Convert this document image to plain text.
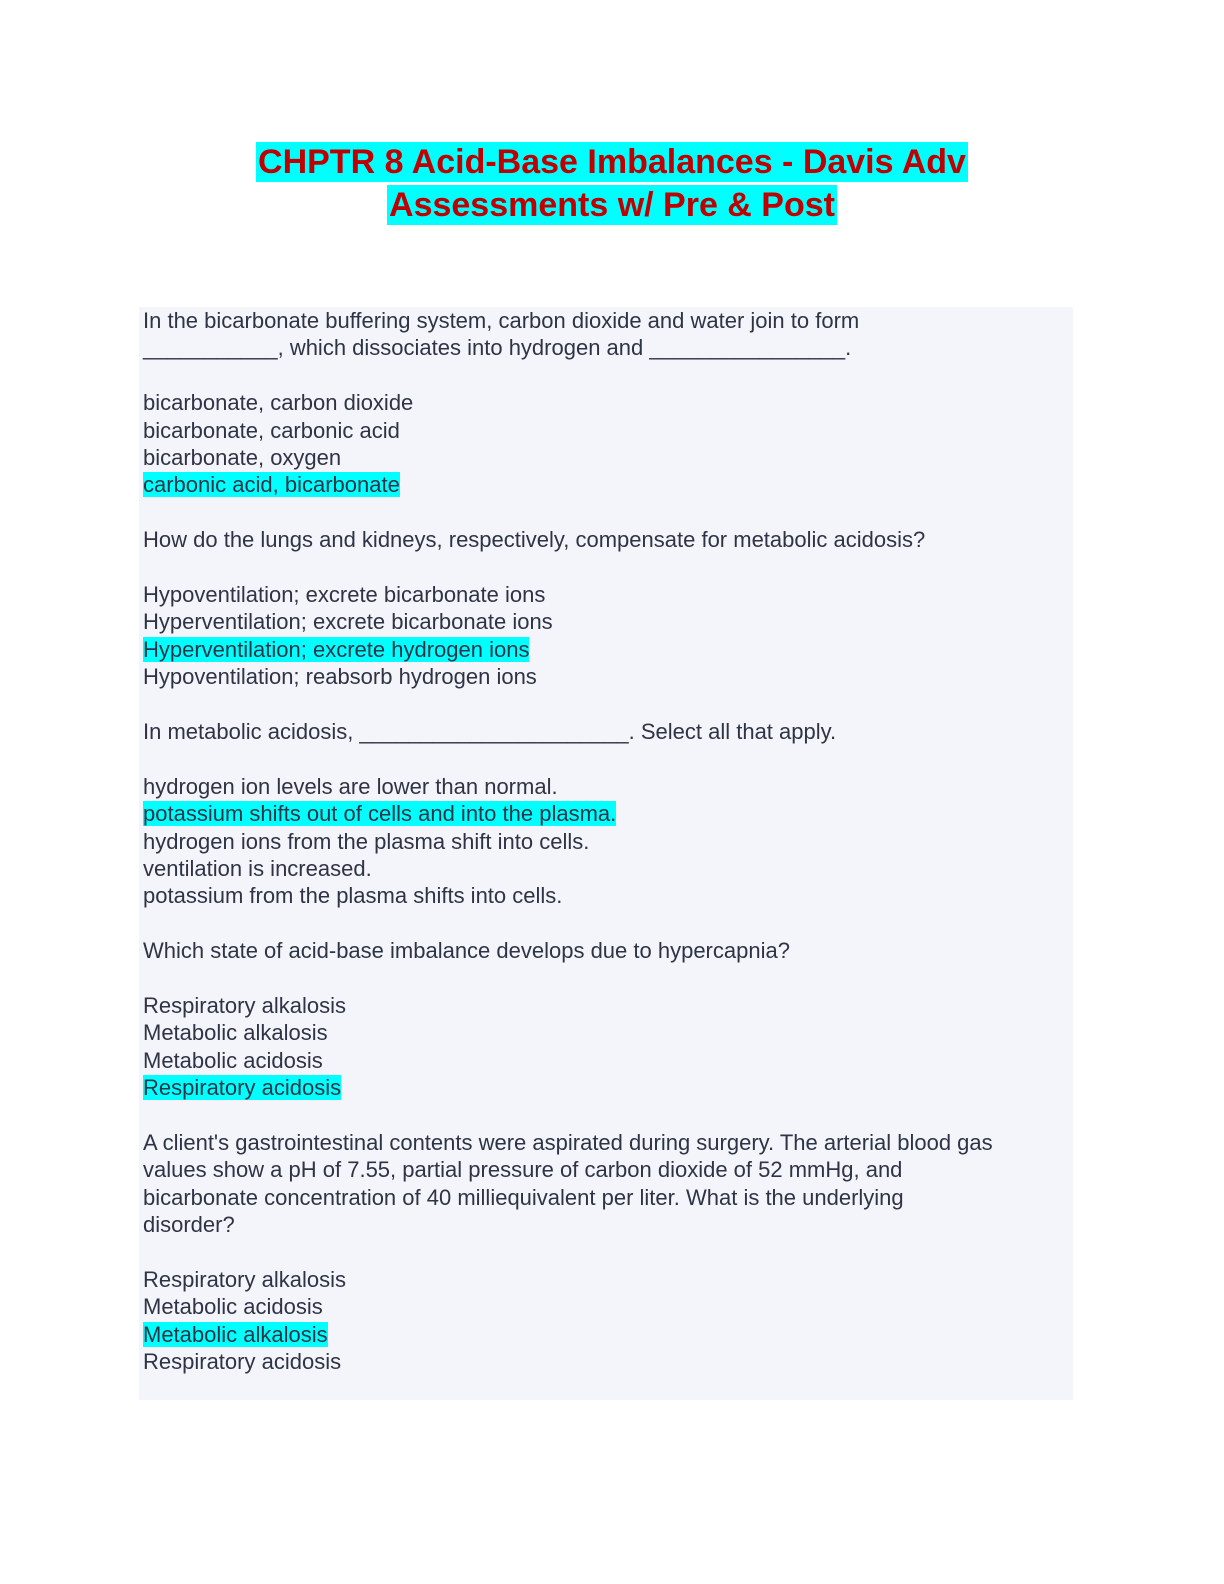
CHPTR 8 Acid-Base Imbalances - Davis Adv
Assessments w/ Pre & Post

In the bicarbonate buffering system, carbon dioxide and water join to form
___________, which dissociates into hydrogen and ________________.

bicarbonate, carbon dioxide
bicarbonate, carbonic acid
bicarbonate, oxygen
carbonic acid, bicarbonate

How do the lungs and kidneys, respectively, compensate for metabolic acidosis?

Hypoventilation; excrete bicarbonate ions
Hyperventilation; excrete bicarbonate ions
Hyperventilation; excrete hydrogen ions
Hypoventilation; reabsorb hydrogen ions

In metabolic acidosis, ______________________. Select all that apply.

hydrogen ion levels are lower than normal.
potassium shifts out of cells and into the plasma.
hydrogen ions from the plasma shift into cells.
ventilation is increased.
potassium from the plasma shifts into cells.

Which state of acid-base imbalance develops due to hypercapnia?

Respiratory alkalosis
Metabolic alkalosis
Metabolic acidosis
Respiratory acidosis

A client's gastrointestinal contents were aspirated during surgery. The arterial blood gas
values show a pH of 7.55, partial pressure of carbon dioxide of 52 mmHg, and
bicarbonate concentration of 40 milliequivalent per liter. What is the underlying
disorder?

Respiratory alkalosis
Metabolic acidosis
Metabolic alkalosis
Respiratory acidosis
